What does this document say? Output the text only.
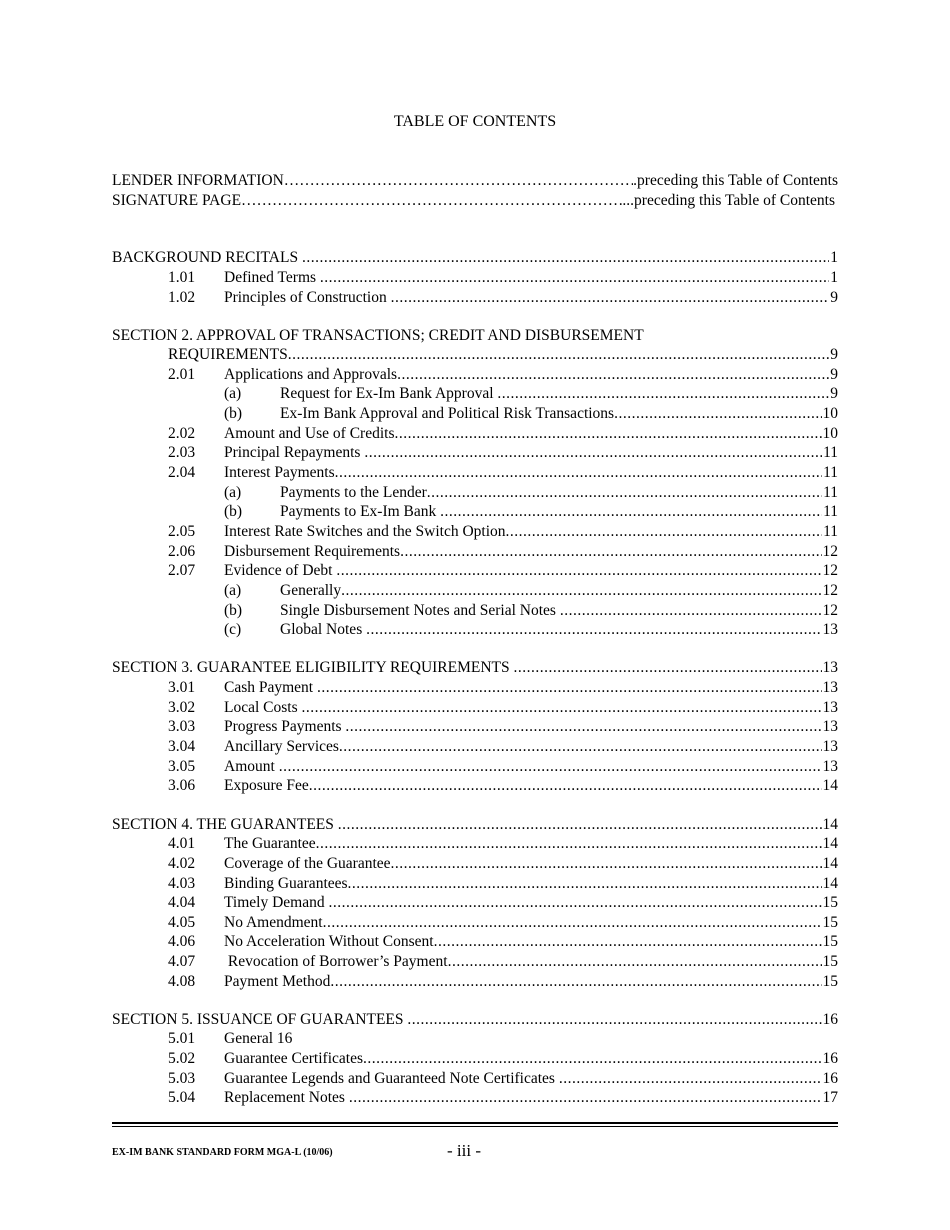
TABLE OF CONTENTS
LENDER INFORMATION ………………………………………………………………………………………………………………………………	.preceding this Table of Contents
SIGNATURE PAGE ………………………………………………………………………………………………………………………………	...preceding this Table of Contents
BACKGROUND RECITALS .....	1
1.01	Defined Terms .....	1
1.02	Principles of Construction .....	9
SECTION 2. APPROVAL OF TRANSACTIONS; CREDIT AND DISBURSEMENT
REQUIREMENTS .....	9
2.01	Applications and Approvals .....	9
(a)	Request for Ex-Im Bank Approval .....	9
(b)	Ex-Im Bank Approval and Political Risk Transactions .....	10
2.02	Amount and Use of Credits .....	10
2.03	Principal Repayments .....	11
2.04	Interest Payments .....	11
(a)	Payments to the Lender .....	11
(b)	Payments to Ex-Im Bank .....	11
2.05	Interest Rate Switches and the Switch Option .....	11
2.06	Disbursement Requirements .....	12
2.07	Evidence of Debt .....	12
(a)	Generally .....	12
(b)	Single Disbursement Notes and Serial Notes .....	12
(c)	Global Notes .....	13
SECTION 3. GUARANTEE ELIGIBILITY REQUIREMENTS .....	13
3.01	Cash Payment .....	13
3.02	Local Costs .....	13
3.03	Progress Payments .....	13
3.04	Ancillary Services .....	13
3.05	Amount .....	13
3.06	Exposure Fee .....	14
SECTION 4. THE GUARANTEES .....	14
4.01	The Guarantee .....	14
4.02	Coverage of the Guarantee .....	14
4.03	Binding Guarantees .....	14
4.04	Timely Demand .....	15
4.05	No Amendment .....	15
4.06	No Acceleration Without Consent .....	15
4.07	Revocation of Borrower’s Payment .....	15
4.08	Payment Method .....	15
SECTION 5. ISSUANCE OF GUARANTEES .....	16
5.01	General 16
5.02	Guarantee Certificates .....	16
5.03	Guarantee Legends and Guaranteed Note Certificates .....	16
5.04	Replacement Notes .....	17
EX-IM BANK STANDARD FORM MGA-L (10/06)	- iii -
